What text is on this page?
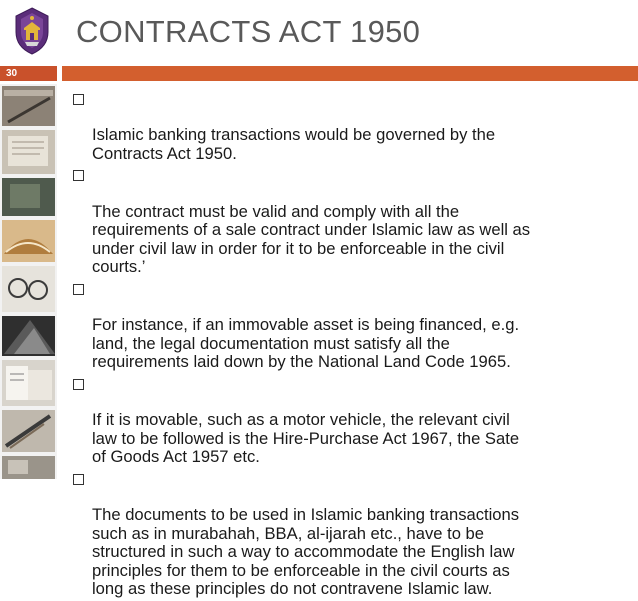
CONTRACTS ACT 1950
30

Islamic banking transactions would be governed by the
Contracts Act 1950.

The contract must be valid and comply with all the
requirements of a sale contract under Islamic law as well as
under civil law in order for it to be enforceable in the civil
courts.’

For instance, if an immovable asset is being financed, e.g.
land, the legal documentation must satisfy all the
requirements laid down by the National Land Code 1965.

If it is movable, such as a motor vehicle, the relevant civil
law to be followed is the Hire-Purchase Act 1967, the Sate
of Goods Act 1957 etc.

The documents to be used in Islamic banking transactions
such as in murabahah, BBA, al-ijarah etc., have to be
structured in such a way to accommodate the English law
principles for them to be enforceable in the civil courts as
long as these principles do not contravene Islamic law.
